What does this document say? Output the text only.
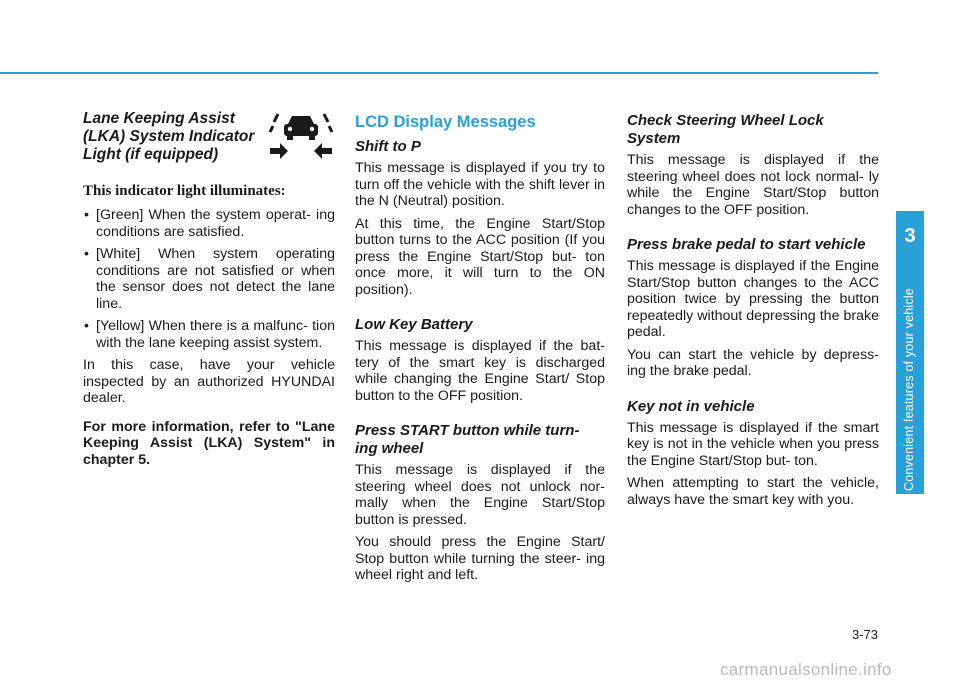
Lane Keeping Assist (LKA) System Indicator Light (if equipped)
This indicator light illuminates:
• [Green] When the system operat- ing conditions are satisfied.
• [White] When system operating conditions are not satisfied or when the sensor does not detect the lane line.
• [Yellow] When there is a malfunc- tion with the lane keeping assist system.

In this case, have your vehicle inspected by an authorized HYUNDAI dealer.

For more information, refer to "Lane Keeping Assist (LKA) System" in chapter 5.

LCD Display Messages
Shift to P

This message is displayed if you try to turn off the vehicle with the shift lever in the N (Neutral) position.

At this time, the Engine Start/Stop button turns to the ACC position (If you press the Engine Start/Stop but- ton once more, it will turn to the ON position).

Low Key Battery

This message is displayed if the bat- tery of the smart key is discharged while changing the Engine Start/ Stop button to the OFF position.

Press START button while turn- ing wheel

This message is displayed if the steering wheel does not unlock nor- mally when the Engine Start/Stop button is pressed.

You should press the Engine Start/ Stop button while turning the steer- ing wheel right and left.

Check Steering Wheel Lock System

This message is displayed if the steering wheel does not lock normal- ly while the Engine Start/Stop button changes to the OFF position.

Press brake pedal to start vehicle

This message is displayed if the Engine Start/Stop button changes to the ACC position twice by pressing the button repeatedly without depressing the brake pedal.

You can start the vehicle by depress- ing the brake pedal.

Key not in vehicle

This message is displayed if the smart key is not in the vehicle when you press the Engine Start/Stop but- ton.

When attempting to start the vehicle, always have the smart key with you.

3
Convenient features of your vehicle
3-73
carmanualsonline.info
